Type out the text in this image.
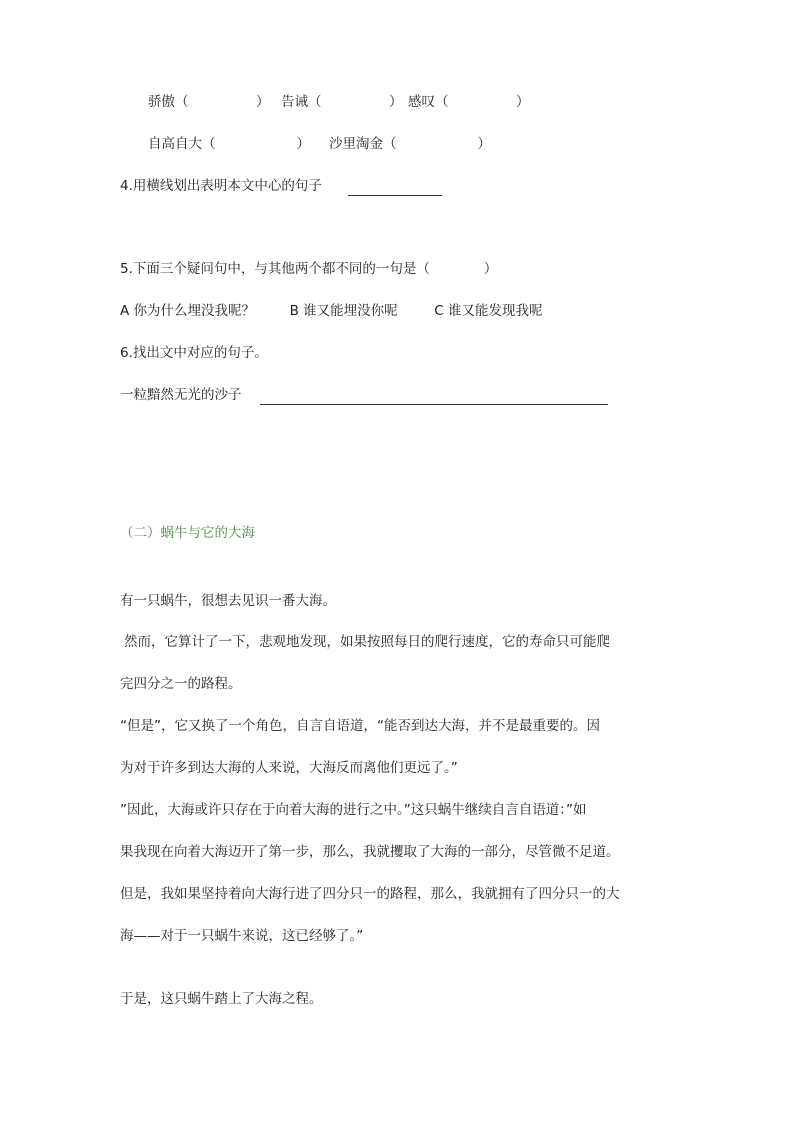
骄傲（　　　　　） 告诫（　　　　　） 感叹（　　　　　）
自高自大（　　　　　　） 沙里淘金（　　　　　　）
4.用横线划出表明本文中心的句子
5.下面三个疑问句中，与其他两个都不同的一句是（　　　　）
A 你为什么埋没我呢？	B 谁又能埋没你呢	C 谁又能发现我呢
6.找出文中对应的句子。
一粒黯然无光的沙子
（二）蜗牛与它的大海
有一只蜗牛，很想去见识一番大海。
然而，它算计了一下，悲观地发现，如果按照每日的爬行速度，它的寿命只可能爬
完四分之一的路程。
“但是”，它又换了一个角色，自言自语道，“能否到达大海，并不是最重要的。因
为对于许多到达大海的人来说，大海反而离他们更远了。”
”因此，大海或许只存在于向着大海的进行之中。”这只蜗牛继续自言自语道：”如
果我现在向着大海迈开了第一步，那么，我就攫取了大海的一部分，尽管微不足道。
但是，我如果坚持着向大海行进了四分只一的路程，那么，我就拥有了四分只一的大
海——对于一只蜗牛来说，这已经够了。”
于是，这只蜗牛踏上了大海之程。
